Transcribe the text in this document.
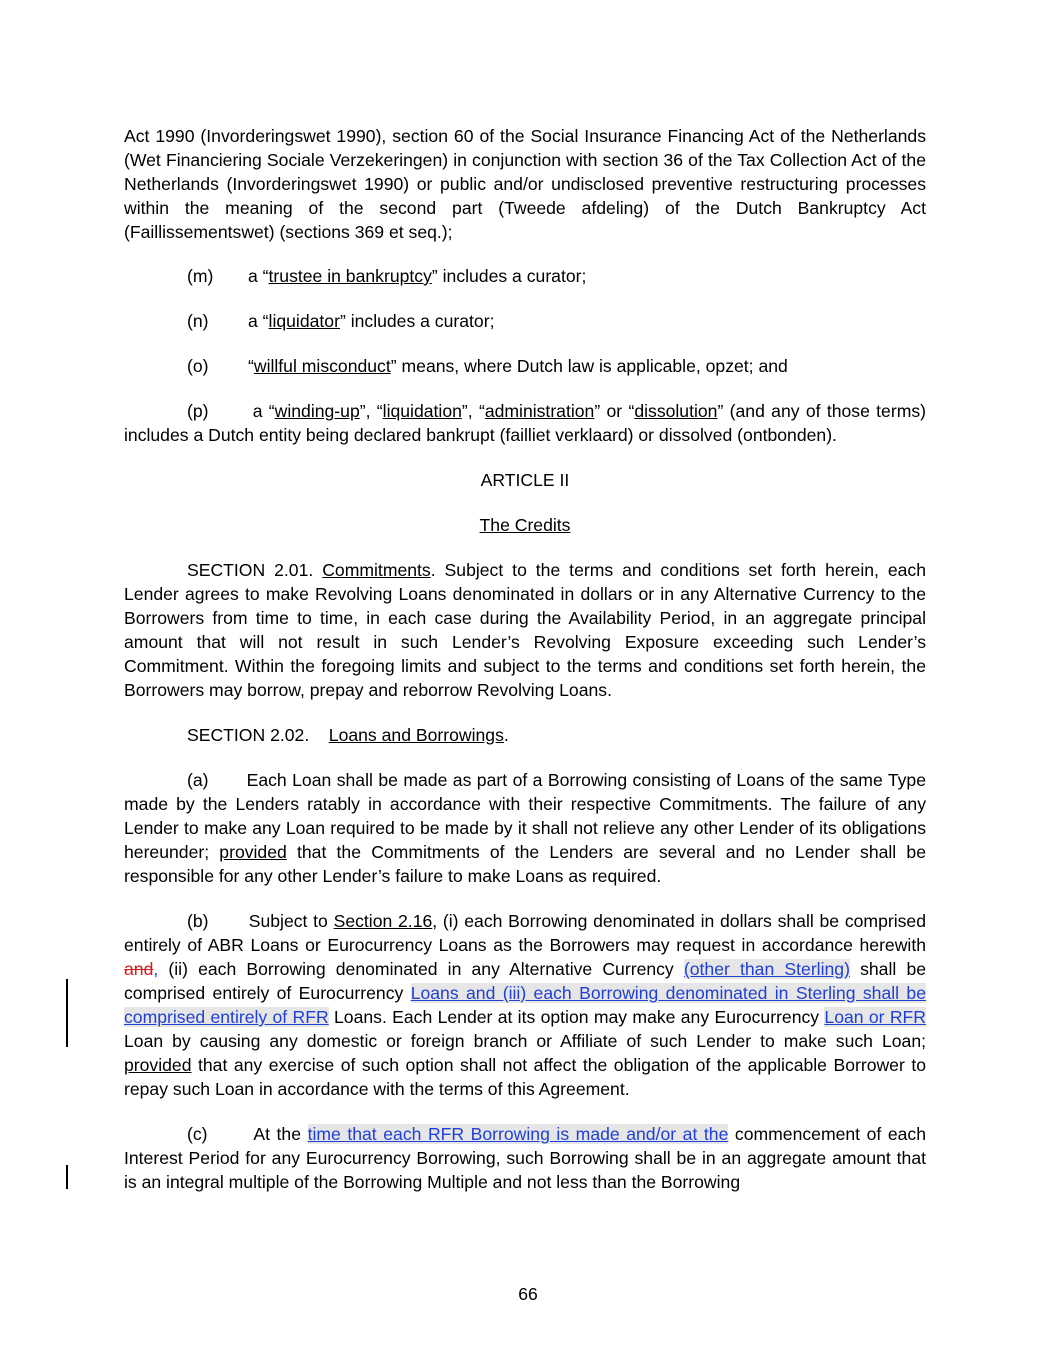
Act 1990 (Invorderingswet 1990), section 60 of the Social Insurance Financing Act of the Netherlands (Wet Financiering Sociale Verzekeringen) in conjunction with section 36 of the Tax Collection Act of the Netherlands (Invorderingswet 1990) or public and/or undisclosed preventive restructuring processes within the meaning of the second part (Tweede afdeling) of the Dutch Bankruptcy Act (Faillissementswet) (sections 369 et seq.);

(m) a “trustee in bankruptcy” includes a curator;

(n) a “liquidator” includes a curator;

(o) “willful misconduct” means, where Dutch law is applicable, opzet; and

(p)	a “winding-up”, “liquidation”, “administration” or “dissolution” (and any of those terms) includes a Dutch entity being declared bankrupt (failliet verklaard) or dissolved (ontbonden).

ARTICLE II

The Credits

SECTION 2.01. Commitments. Subject to the terms and conditions set forth herein, each Lender agrees to make Revolving Loans denominated in dollars or in any Alternative Currency to the Borrowers from time to time, in each case during the Availability Period, in an aggregate principal amount that will not result in such Lender’s Revolving Exposure exceeding such Lender’s Commitment. Within the foregoing limits and subject to the terms and conditions set forth herein, the Borrowers may borrow, prepay and reborrow Revolving Loans.

SECTION 2.02. Loans and Borrowings.

(a) Each Loan shall be made as part of a Borrowing consisting of Loans of the same Type made by the Lenders ratably in accordance with their respective Commitments. The failure of any Lender to make any Loan required to be made by it shall not relieve any other Lender of its obligations hereunder; provided that the Commitments of the Lenders are several and no Lender shall be responsible for any other Lender’s failure to make Loans as required.

(b) Subject to Section 2.16, (i) each Borrowing denominated in dollars shall be comprised entirely of ABR Loans or Eurocurrency Loans as the Borrowers may request in accordance herewith and, (ii) each Borrowing denominated in any Alternative Currency (other than Sterling) shall be comprised entirely of Eurocurrency Loans and (iii) each Borrowing denominated in Sterling shall be comprised entirely of RFR Loans. Each Lender at its option may make any Eurocurrency Loan or RFR Loan by causing any domestic or foreign branch or Affiliate of such Lender to make such Loan; provided that any exercise of such option shall not affect the obligation of the applicable Borrower to repay such Loan in accordance with the terms of this Agreement.

(c)	At the time that each RFR Borrowing is made and/or at the commencement of each Interest Period for any Eurocurrency Borrowing, such Borrowing shall be in an aggregate amount that is an integral multiple of the Borrowing Multiple and not less than the Borrowing

66
